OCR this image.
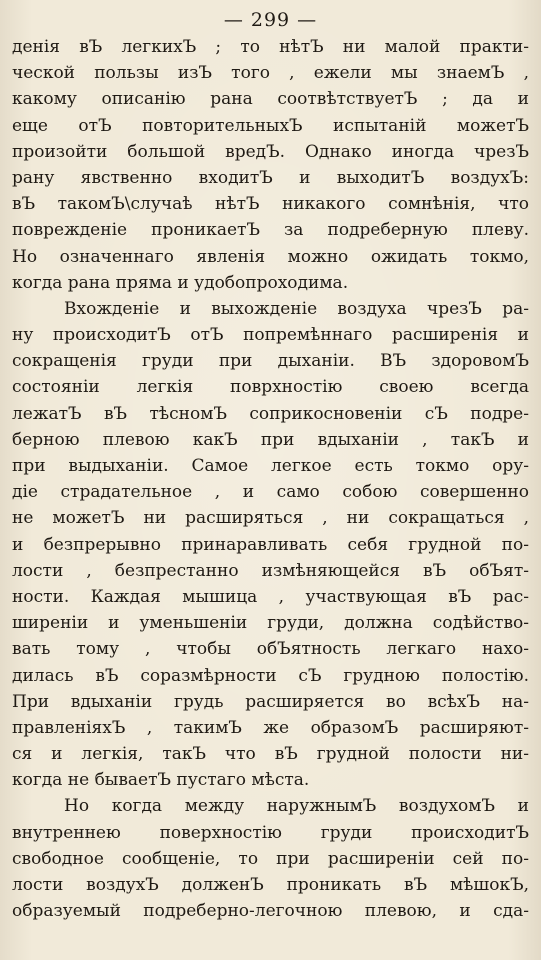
— 299 —
денія вЪ легкихЪ ; то нѣтЪ ни малой практи-
ческой пользы изЪ того , ежели мы знаемЪ ,
какому описанію рана соотвѣтствуетЪ ; да и
еще отЪ повторительныхЪ испытаній можетЪ
произойти большой вредЪ. Однако иногда чрезЪ
рану явственно входитЪ и выходитЪ воздухЪ:
вЪ такомЪ\случаѣ нѣтЪ никакого сомнѣнія, что
поврежденіе проникаетЪ за подреберную плеву.
Но означеннаго явленія можно ожидать токмо,
когда рана пряма и удобопроходима.
Вхожденіе и выхожденіе воздуха чрезЪ ра-
ну происходитЪ отЪ попремѣннаго расширенія и
сокращенія груди при дыханіи. ВЪ здоровомЪ
состояніи легкія поврхностію своею всегда
лежатЪ вЪ тѣсномЪ соприкосновеніи сЪ подре-
берною плевою какЪ при вдыханіи , такЪ и
при выдыханіи. Самое легкое есть токмо ору-
діе страдательное , и само собою совершенно
не можетЪ ни расширяться , ни сокращаться ,
и безпрерывно принаравливать себя грудной по-
лости , безпрестанно измѣняющейся вЪ обЪят-
ности. Каждая мышица , участвующая вЪ рас-
ширеніи и уменьшеніи груди, должна содѣйство-
вать тому , чтобы обЪятность легкаго нахо-
дилась вЪ соразмѣрности сЪ грудною полостію.
При вдыханіи грудь расширяется во всѣхЪ на-
правленіяхЪ , такимЪ же образомЪ расширяют-
ся и легкія, такЪ что вЪ грудной полости ни-
когда не бываетЪ пустаго мѣста.
Но когда между наружнымЪ воздухомЪ и
внутреннею поверхностію груди происходитЪ
свободное сообщеніе, то при расширеніи сей по-
лости воздухЪ долженЪ проникать вЪ мѣшокЪ,
образуемый подреберно-легочною плевою, и сда-
